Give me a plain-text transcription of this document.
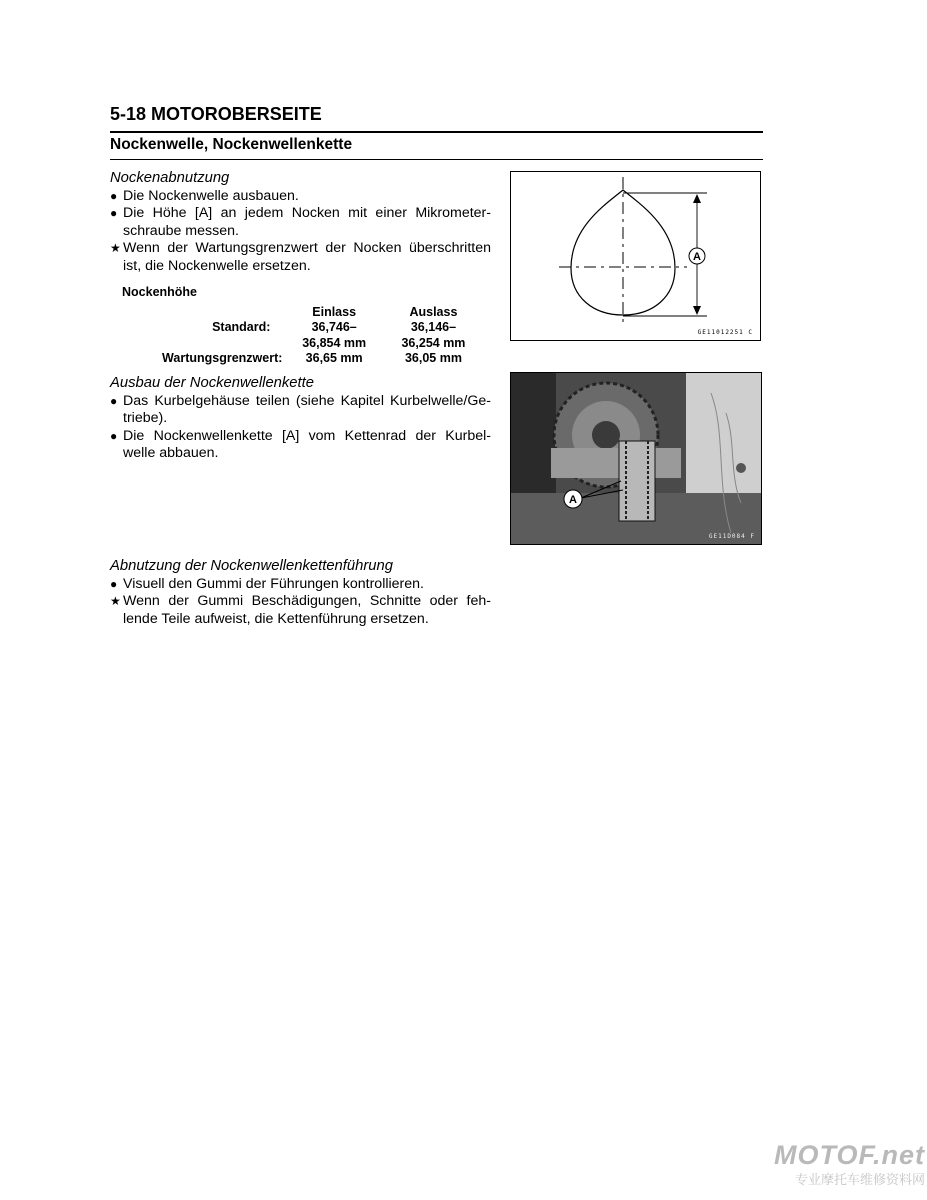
5-18 MOTOROBERSEITE
Nockenwelle, Nockenwellenkette

Nockenabnutzung

● Die Nockenwelle ausbauen.
● Die Höhe [A] an jedem Nocken mit einer Mikrometer-schraube messen.
★ Wenn der Wartungsgrenzwert der Nocken überschritten ist, die Nockenwelle ersetzen.
Nockenhöhe
	Einlass	Auslass
Standard:	36,746–	36,146–
	36,854 mm	36,254 mm
Wartungsgrenzwert:	36,65 mm	36,05 mm

Ausbau der Nockenwellenkette

● Das Kurbelgehäuse teilen (siehe Kapitel Kurbelwelle/Ge-triebe).
● Die Nockenwellenkette [A] vom Kettenrad der Kurbel-welle abbauen.

Abnutzung der Nockenwellenkettenführung

● Visuell den Gummi der Führungen kontrollieren.
★ Wenn der Gummi Beschädigungen, Schnitte oder feh-lende Teile aufweist, die Kettenführung ersetzen.
A
GE11012251 C
A
GE11D084 F
MOTOF.net
专业摩托车维修资料网
